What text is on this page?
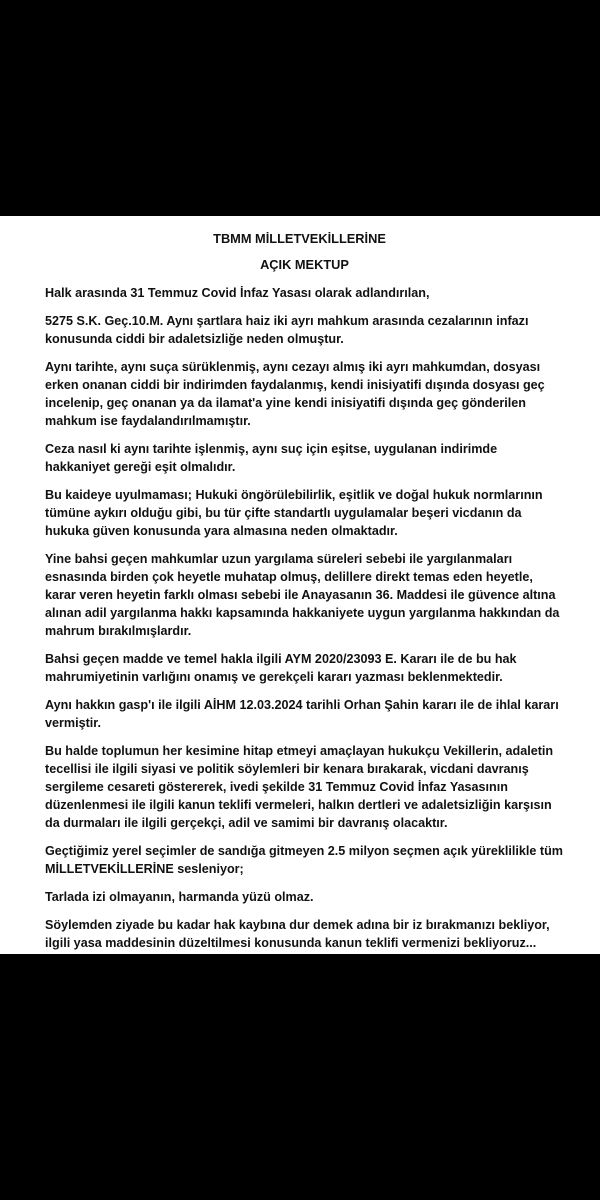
TBMM MİLLETVEKİLLERİNE
AÇIK MEKTUP

Halk arasında 31 Temmuz Covid İnfaz Yasası olarak adlandırılan,

5275 S.K. Geç.10.M. Aynı şartlara haiz iki ayrı mahkum arasında cezalarının infazı konusunda ciddi bir adaletsizliğe neden olmuştur.

Aynı tarihte, aynı suça sürüklenmiş, aynı cezayı almış iki ayrı mahkumdan, dosyası erken onanan ciddi bir indirimden faydalanmış, kendi inisiyatifi dışında dosyası geç incelenip, geç onanan ya da ilamat'a yine kendi inisiyatifi dışında geç gönderilen mahkum ise faydalandırılmamıştır.

Ceza nasıl ki aynı tarihte işlenmiş, aynı suç için eşitse, uygulanan indirimde hakkaniyet gereği eşit olmalıdır.

Bu kaideye uyulmaması; Hukuki öngörülebilirlik, eşitlik ve doğal hukuk normlarının tümüne aykırı olduğu gibi, bu tür çifte standartlı uygulamalar beşeri vicdanın da hukuka güven konusunda yara almasına neden olmaktadır.

Yine bahsi geçen mahkumlar uzun yargılama süreleri sebebi ile yargılanmaları esnasında birden çok heyetle muhatap olmuş, delillere direkt temas eden heyetle, karar veren heyetin farklı olması sebebi ile Anayasanın 36. Maddesi ile güvence altına alınan adil yargılanma hakkı kapsamında hakkaniyete uygun yargılanma hakkından da mahrum bırakılmışlardır.

Bahsi geçen madde ve temel hakla ilgili AYM 2020/23093 E. Kararı ile de bu hak mahrumiyetinin varlığını onamış ve gerekçeli kararı yazması beklenmektedir.

Aynı hakkın gasp'ı ile ilgili AİHM 12.03.2024 tarihli Orhan Şahin kararı ile de ihlal kararı vermiştir.

Bu halde toplumun her kesimine hitap etmeyi amaçlayan hukukçu Vekillerin, adaletin tecellisi ile ilgili siyasi ve politik söylemleri bir kenara bırakarak, vicdani davranış sergileme cesareti göstererek, ivedi şekilde 31 Temmuz Covid İnfaz Yasasının düzenlenmesi ile ilgili kanun teklifi vermeleri, halkın dertleri ve adaletsizliğin karşısın da durmaları ile ilgili gerçekçi, adil ve samimi bir davranış olacaktır.

Geçtiğimiz yerel seçimler de sandığa gitmeyen 2.5 milyon seçmen açık yüreklilikle tüm MİLLETVEKİLLERİNE sesleniyor;

Tarlada izi olmayanın, harmanda yüzü olmaz.

Söylemden ziyade bu kadar hak kaybına dur demek adına bir iz bırakmanızı bekliyor, ilgili yasa maddesinin düzeltilmesi konusunda kanun teklifi vermenizi bekliyoruz...
